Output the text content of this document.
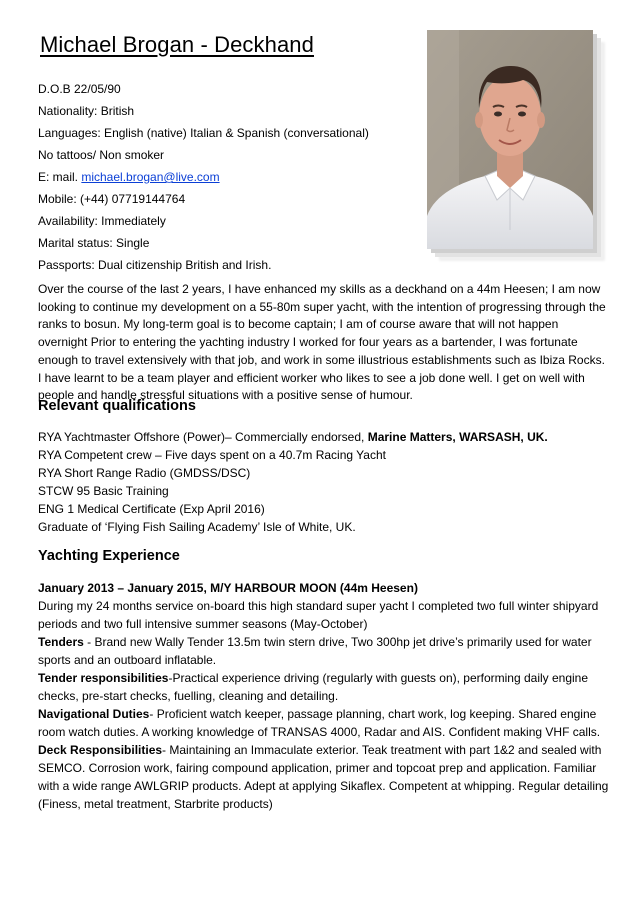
Michael Brogan - Deckhand
D.O.B 22/05/90
Nationality: British
Languages: English (native) Italian & Spanish (conversational)
No tattoos/ Non smoker
E: mail. michael.brogan@live.com
Mobile: (+44) 07719144764
Availability: Immediately
Marital status: Single
Passports: Dual citizenship British and Irish.

Over the course of the last 2 years, I have enhanced my skills as a deckhand on a 44m Heesen; I am now looking to continue my development on a 55-80m super yacht, with the intention of progressing through the ranks to bosun. My long-term goal is to become captain; I am of course aware that will not happen overnight Prior to entering the yachting industry I worked for four years as a bartender, I was fortunate enough to travel extensively with that job, and work in some illustrious establishments such as Ibiza Rocks. I have learnt to be a team player and efficient worker who likes to see a job done well. I get on well with people and handle stressful situations with a positive sense of humour.

Relevant qualifications
RYA Yachtmaster Offshore (Power)– Commercially endorsed, Marine Matters, WARSASH, UK.
RYA Competent crew – Five days spent on a 40.7m Racing Yacht
RYA Short Range Radio (GMDSS/DSC)
STCW 95 Basic Training
ENG 1 Medical Certificate (Exp April 2016)
Graduate of ‘Flying Fish Sailing Academy’ Isle of White, UK.
Yachting Experience

January 2013 – January 2015, M/Y HARBOUR MOON (44m Heesen)

During my 24 months service on-board this high standard super yacht I completed two full winter shipyard periods and two full intensive summer seasons (May-October)

Tenders - Brand new Wally Tender 13.5m twin stern drive, Two 300hp jet drive’s primarily used for water sports and an outboard inflatable.

Tender responsibilities-Practical experience driving (regularly with guests on), performing daily engine checks, pre-start checks, fuelling, cleaning and detailing.

Navigational Duties- Proficient watch keeper, passage planning, chart work, log keeping. Shared engine room watch duties. A working knowledge of TRANSAS 4000, Radar and AIS. Confident making VHF calls.

Deck Responsibilities- Maintaining an Immaculate exterior. Teak treatment with part 1&2 and sealed with SEMCO. Corrosion work, fairing compound application, primer and topcoat prep and application. Familiar with a wide range AWLGRIP products. Adept at applying Sikaflex. Competent at whipping. Regular detailing (Finess, metal treatment, Starbrite products)
